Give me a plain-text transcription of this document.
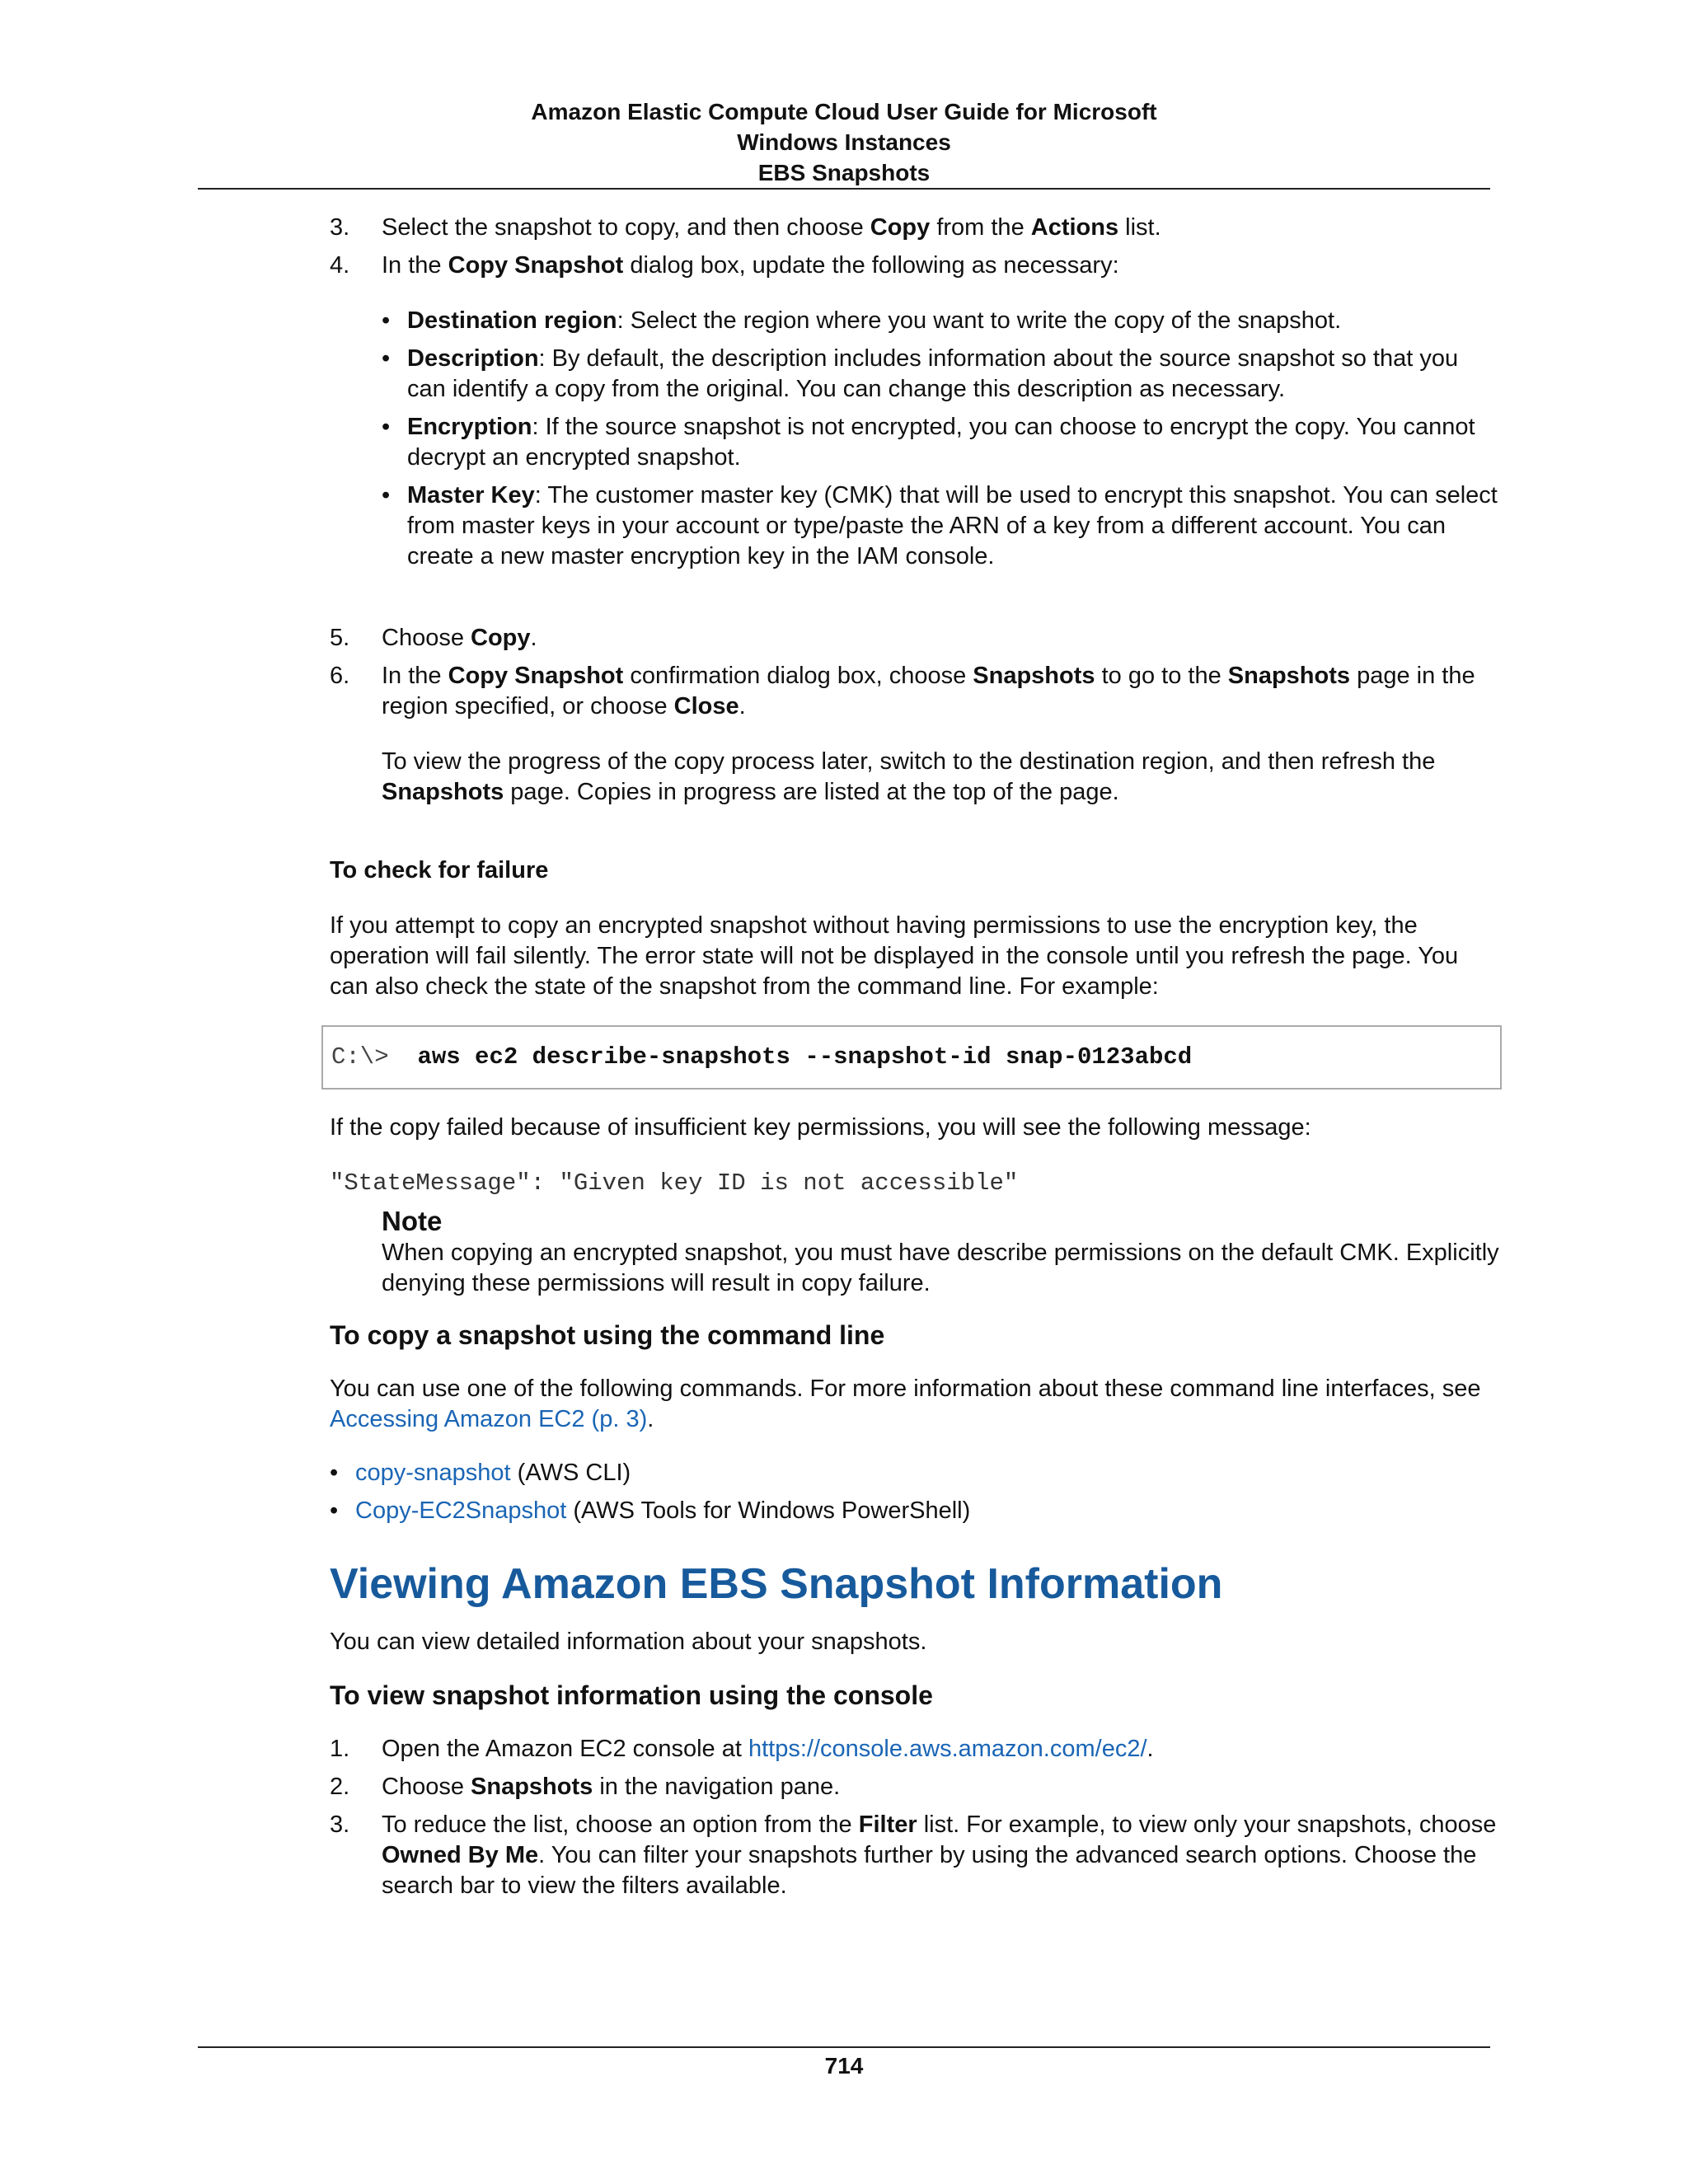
Amazon Elastic Compute Cloud User Guide for Microsoft
Windows Instances
EBS Snapshots
3.	Select the snapshot to copy, and then choose Copy from the Actions list.
4.	In the Copy Snapshot dialog box, update the following as necessary:
• Destination region: Select the region where you want to write the copy of the snapshot.
• Description: By default, the description includes information about the source snapshot so that you can identify a copy from the original. You can change this description as necessary.
• Encryption: If the source snapshot is not encrypted, you can choose to encrypt the copy. You cannot decrypt an encrypted snapshot.
• Master Key: The customer master key (CMK) that will be used to encrypt this snapshot. You can select from master keys in your account or type/paste the ARN of a key from a different account. You can create a new master encryption key in the IAM console.
5.	Choose Copy.
6.	In the Copy Snapshot confirmation dialog box, choose Snapshots to go to the Snapshots page in the region specified, or choose Close.

To view the progress of the copy process later, switch to the destination region, and then refresh the Snapshots page. Copies in progress are listed at the top of the page.

To check for failure

If you attempt to copy an encrypted snapshot without having permissions to use the encryption key, the operation will fail silently. The error state will not be displayed in the console until you refresh the page. You can also check the state of the snapshot from the command line. For example:

C:\> aws ec2 describe-snapshots --snapshot-id snap-0123abcd

If the copy failed because of insufficient key permissions, you will see the following message:

"StateMessage": "Given key ID is not accessible"

Note
When copying an encrypted snapshot, you must have describe permissions on the default CMK. Explicitly denying these permissions will result in copy failure.

To copy a snapshot using the command line

You can use one of the following commands. For more information about these command line interfaces, see Accessing Amazon EC2 (p. 3).

• copy-snapshot (AWS CLI)
• Copy-EC2Snapshot (AWS Tools for Windows PowerShell)
Viewing Amazon EBS Snapshot Information

You can view detailed information about your snapshots.

To view snapshot information using the console

1.	Open the Amazon EC2 console at https://console.aws.amazon.com/ec2/.
2.	Choose Snapshots in the navigation pane.
3.	To reduce the list, choose an option from the Filter list. For example, to view only your snapshots, choose Owned By Me. You can filter your snapshots further by using the advanced search options. Choose the search bar to view the filters available.
714
